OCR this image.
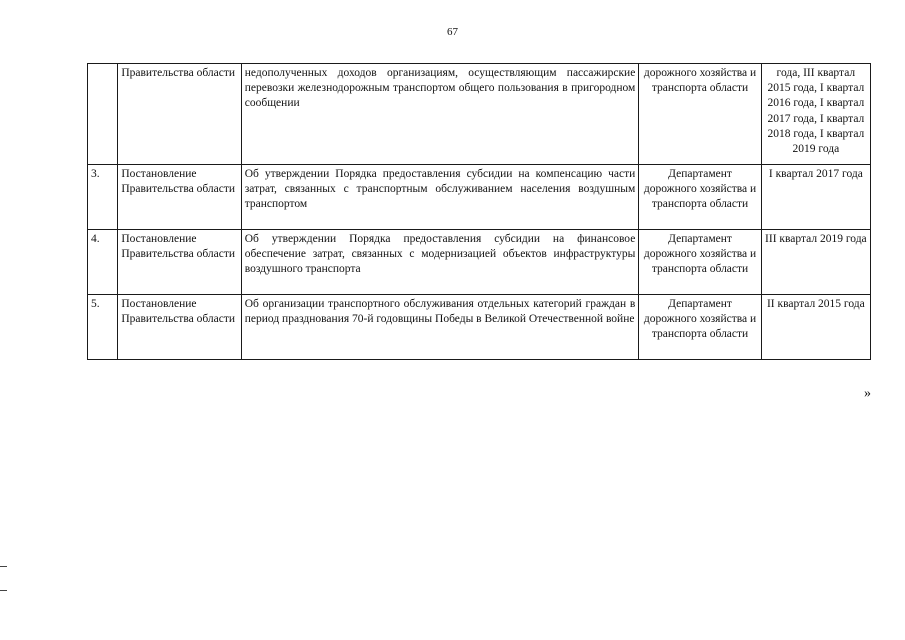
67
	Правительства области	недополученных доходов организациям, осуществляющим пассажирские перевозки железнодорожным транспортом общего пользования в пригородном сообщении	дорожного хозяйства и транспорта области	года, III квартал 2015 года, I квартал 2016 года, I квартал 2017 года, I квартал 2018 года, I квартал 2019 года
3.	Постановление Правительства области	Об утверждении Порядка предоставления субсидии на компенсацию части затрат, связанных с транспортным обслуживанием населения воздушным транспортом	Департамент дорожного хозяйства и транспорта области	I квартал 2017 года
4.	Постановление Правительства области	Об утверждении Порядка предоставления субсидии на финансовое обеспечение затрат, связанных с модернизацией объектов инфраструктуры воздушного транспорта	Департамент дорожного хозяйства и транспорта области	III квартал 2019 года
5.	Постановление Правительства области	Об организации транспортного обслуживания отдельных категорий граждан в период празднования 70-й годовщины Победы в Великой Отечественной войне	Департамент дорожного хозяйства и транспорта области	II квартал 2015 года
»
